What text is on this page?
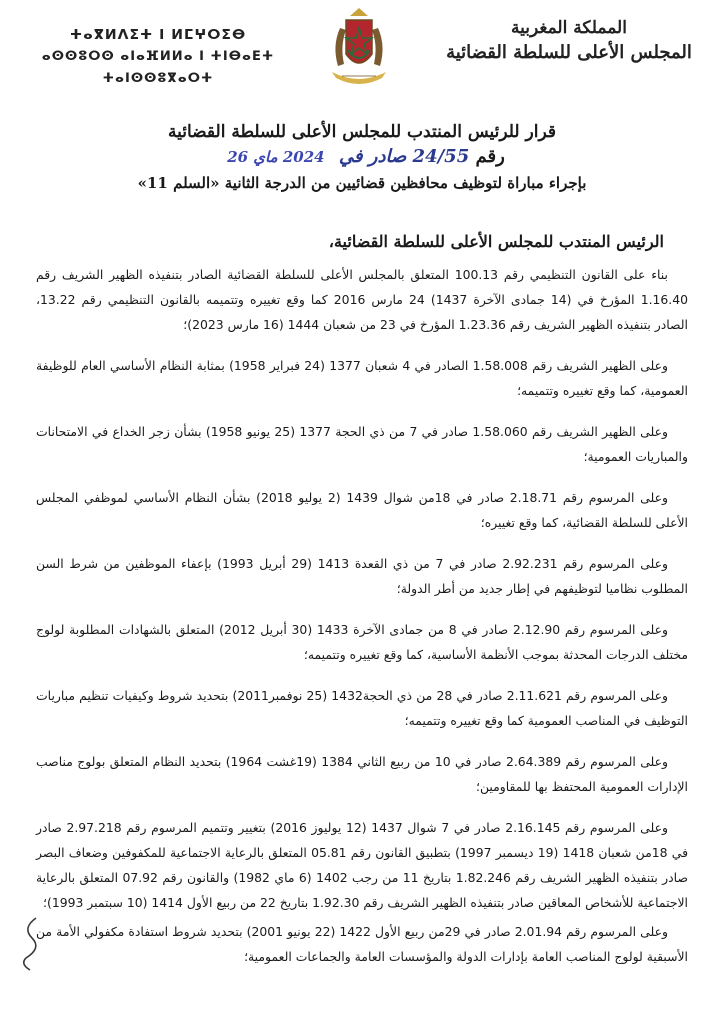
المملكة المغربية
المجلس الأعلى للسلطة القضائية
ⵜⴰⴳⵍⴷⵉⵜ ⵏ ⵍⵎⵖⵔⵉⴱ
ⴰⵙⵙⵓⵔⵙ ⴰⵏⴰⴼⵍⵍⴰ ⵏ ⵜⵏⴱⴰⴹⵜ ⵜⴰⵏⵙⵙⵓⴳⴰⵔⵜ
قرار للرئيس المنتدب للمجلس الأعلى للسلطة القضائية
رقم 24/55 صادر في 2024 ماي 26
بإجراء مباراة لتوظيف محافظين قضائيين من الدرجة الثانية «السلم 11»
الرئيس المنتدب للمجلس الأعلى للسلطة القضائية،

بناء على القانون التنظيمي رقم 100.13 المتعلق بالمجلس الأعلى للسلطة القضائية الصادر بتنفيذه الظهير الشريف رقم 1.16.40 المؤرخ في (14 جمادى الآخرة 1437) 24 مارس 2016 كما وقع تغييره وتتميمه بالقانون التنظيمي رقم 13.22، الصادر بتنفيذه الظهير الشريف رقم 1.23.36 المؤرخ في 23 من شعبان 1444 (16 مارس 2023)؛

وعلى الظهير الشريف رقم 1.58.008 الصادر في 4 شعبان 1377 (24 فبراير 1958) بمثابة النظام الأساسي العام للوظيفة العمومية، كما وقع تغييره وتتميمه؛

وعلى الظهير الشريف رقم 1.58.060 صادر في 7 من ذي الحجة 1377 (25 يونيو 1958) بشأن زجر الخداع في الامتحانات والمباريات العمومية؛

وعلى المرسوم رقم 2.18.71 صادر في 18من شوال 1439 (2 يوليو 2018) بشأن النظام الأساسي لموظفي المجلس الأعلى للسلطة القضائية، كما وقع تغييره؛

وعلى المرسوم رقم 2.92.231 صادر في 7 من ذي القعدة 1413 (29 أبريل 1993) بإعفاء الموظفين من شرط السن المطلوب نظاميا لتوظيفهم في إطار جديد من أطر الدولة؛

وعلى المرسوم رقم 2.12.90 صادر في 8 من جمادى الآخرة 1433 (30 أبريل 2012) المتعلق بالشهادات المطلوبة لولوج مختلف الدرجات المحدثة بموجب الأنظمة الأساسية، كما وقع تغييره وتتميمه؛

وعلى المرسوم رقم 2.11.621 صادر في 28 من ذي الحجة1432 (25 نوفمبر2011) بتحديد شروط وكيفيات تنظيم مباريات التوظيف في المناصب العمومية كما وقع تغييره وتتميمه؛

وعلى المرسوم رقم 2.64.389 صادر في 10 من ربيع الثاني 1384 (19غشت 1964) بتحديد النظام المتعلق بولوج مناصب الإدارات العمومية المحتفظ بها للمقاومين؛

وعلى المرسوم رقم 2.16.145 صادر في 7 شوال 1437 (12 يوليوز 2016) بتغيير وتتميم المرسوم رقم 2.97.218 صادر في 18من شعبان 1418 (19 ديسمبر 1997) بتطبيق القانون رقم 05.81 المتعلق بالرعاية الاجتماعية للمكفوفين وضعاف البصر صادر بتنفيذه الظهير الشريف رقم 1.82.246 بتاريخ 11 من رجب 1402 (6 ماي 1982) والقانون رقم 07.92 المتعلق بالرعاية الاجتماعية للأشخاص المعاقين صادر بتنفيذه الظهير الشريف رقم 1.92.30 بتاريخ 22 من ربيع الأول 1414 (10 سبتمبر 1993)؛

وعلى المرسوم رقم 2.01.94 صادر في 29من ربيع الأول 1422 (22 يونيو 2001) بتحديد شروط استفادة مكفولي الأمة من الأسبقية لولوج المناصب العامة بإدارات الدولة والمؤسسات العامة والجماعات العمومية؛
